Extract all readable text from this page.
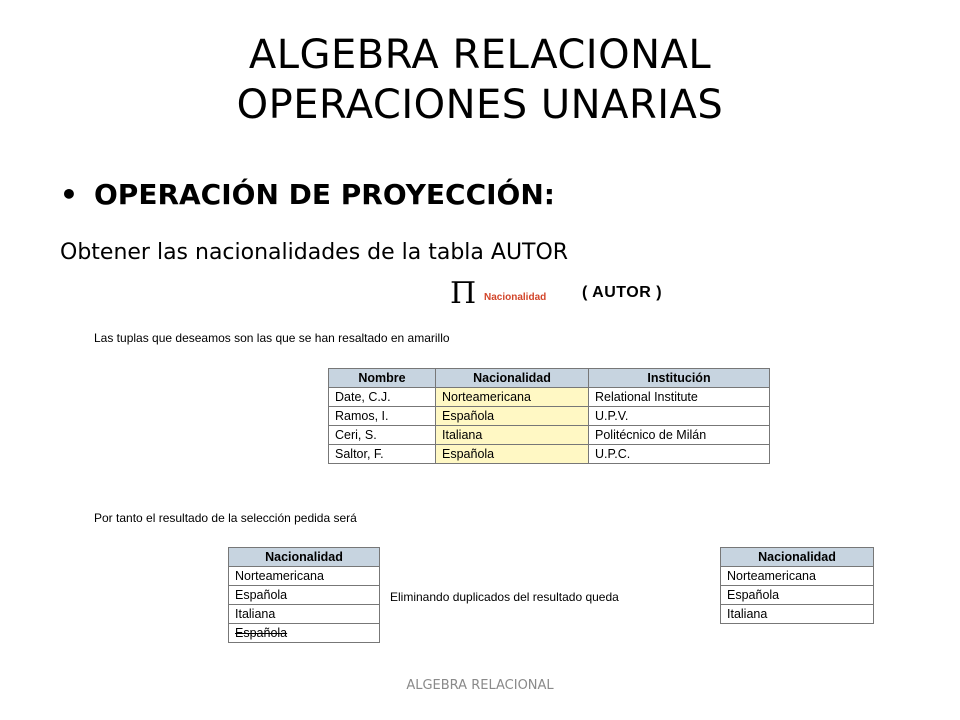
ALGEBRA RELACIONAL
OPERACIONES UNARIAS
• OPERACIÓN DE PROYECCIÓN:
Obtener las nacionalidades de la tabla AUTOR
Π Nacionalidad ( AUTOR )
Las tuplas que deseamos son las que se han resaltado en amarillo
Nombre	Nacionalidad	Institución
Date, C.J.	Norteamericana	Relational Institute
Ramos, I.	Española	U.P.V.
Ceri, S.	Italiana	Politécnico de Milán
Saltor, F.	Española	U.P.C.
Por tanto el resultado de la selección pedida será
Nacionalidad
Norteamericana
Española
Italiana
Española
Eliminando duplicados del resultado queda
Nacionalidad
Norteamericana
Española
Italiana
ALGEBRA RELACIONAL
